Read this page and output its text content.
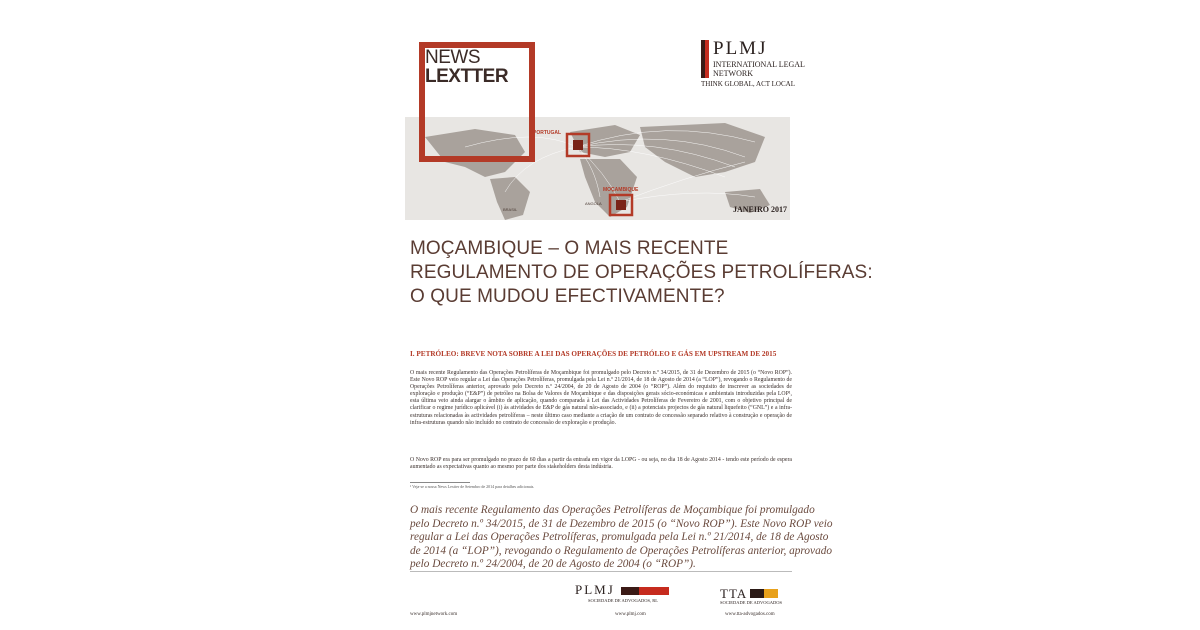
PORTUGAL
MOÇAMBIQUE
BRASIL
ANGOLA
NEWS
LEXTTER
PLMJ
INTERNATIONAL LEGAL NETWORK
THINK GLOBAL, ACT LOCAL
JANEIRO 2017
MOÇAMBIQUE – O MAIS RECENTE
REGULAMENTO DE OPERAÇÕES PETROLÍFERAS:
O QUE MUDOU EFECTIVAMENTE?
I. PETRÓLEO: BREVE NOTA SOBRE A LEI DAS OPERAÇÕES DE PETRÓLEO E GÁS EM UPSTREAM DE 2015
O mais recente Regulamento das Operações Petrolíferas de Moçambique foi promulgado pelo Decreto n.º 34/2015, de 31 de Dezembro de 2015 (o “Novo ROP”). Este Novo ROP veio regular a Lei das Operações Petrolíferas, promulgada pela Lei n.º 21/2014, de 18 de Agosto de 2014 (a “LOP”), revogando o Regulamento de Operações Petrolíferas anterior, aprovado pelo Decreto n.º 24/2004, de 20 de Agosto de 2004 (o “ROP”). Além do requisito de inscrever as sociedades de exploração e produção (“E&P”) de petróleo na Bolsa de Valores de Moçambique e das disposições gerais sócio-económicas e ambientais introduzidas pela LOP¹, esta última veio ainda alargar o âmbito de aplicação, quando comparada à Lei das Actividades Petrolíferas de Fevereiro de 2001, com o objetivo principal de clarificar o regime jurídico aplicável (i) às atividades de E&P de gás natural não-associado, e (ii) a potenciais projectos de gás natural liquefeito (“GNL”) e a infra-estruturas relacionadas às actividades petrolíferas – neste último caso mediante a criação de um contrato de concessão separado relativo à construção e operação de infra-estruturas quando não incluído no contrato de concessão de exploração e produção.
O Novo ROP era para ser promulgado no prazo de 60 dias a partir da entrada em vigor da LOPG - ou seja, no dia 18 de Agosto 2014 - tendo este período de espera aumentado as expectativas quanto ao mesmo por parte dos stakeholders desta indústria.
¹ Veja-se a nossa News Lextter de Setembro de 2014 para detalhes adicionais.
O mais recente Regulamento das Operações Petrolíferas de Moçambique foi promulgado
pelo Decreto n.º 34/2015, de 31 de Dezembro de 2015 (o “Novo ROP”). Este Novo ROP veio
regular a Lei das Operações Petrolíferas, promulgada pela Lei n.º 21/2014, de 18 de Agosto
de 2014 (a “LOP”), revogando o Regulamento de Operações Petrolíferas anterior, aprovado
pelo Decreto n.º 24/2004, de 20 de Agosto de 2004 (o “ROP”).
PLMJ
SOCIEDADE DE ADVOGADOS, RL	TTA
SOCIEDADE DE ADVOGADOS
www.plmjnetwork.com	www.plmj.com	www.tta-advogados.com
